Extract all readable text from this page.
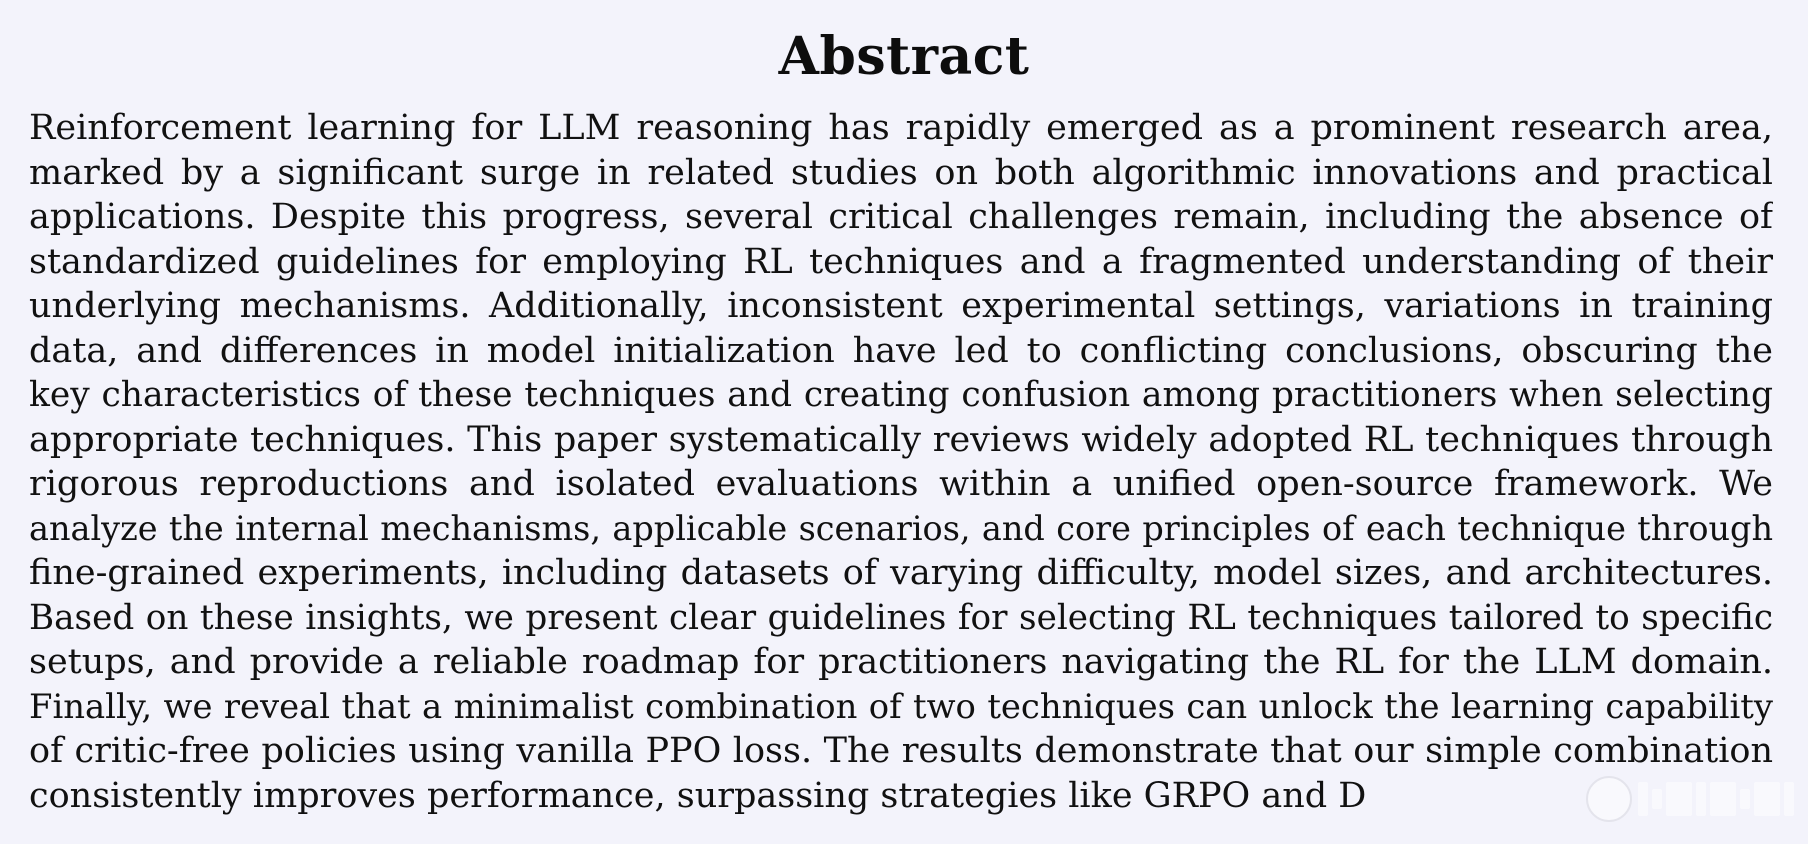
Abstract
Reinforcement learning for LLM reasoning has rapidly emerged as a prominent research area,
marked by a significant surge in related studies on both algorithmic innovations and practical
applications. Despite this progress, several critical challenges remain, including the absence of
standardized guidelines for employing RL techniques and a fragmented understanding of their
underlying mechanisms. Additionally, inconsistent experimental settings, variations in training
data, and differences in model initialization have led to conflicting conclusions, obscuring the
key characteristics of these techniques and creating confusion among practitioners when selecting
appropriate techniques. This paper systematically reviews widely adopted RL techniques through
rigorous reproductions and isolated evaluations within a unified open-source framework. We
analyze the internal mechanisms, applicable scenarios, and core principles of each technique through
fine-grained experiments, including datasets of varying difficulty, model sizes, and architectures.
Based on these insights, we present clear guidelines for selecting RL techniques tailored to specific
setups, and provide a reliable roadmap for practitioners navigating the RL for the LLM domain.
Finally, we reveal that a minimalist combination of two techniques can unlock the learning capability
of critic-free policies using vanilla PPO loss. The results demonstrate that our simple combination
consistently improves performance, surpassing strategies like GRPO and D
